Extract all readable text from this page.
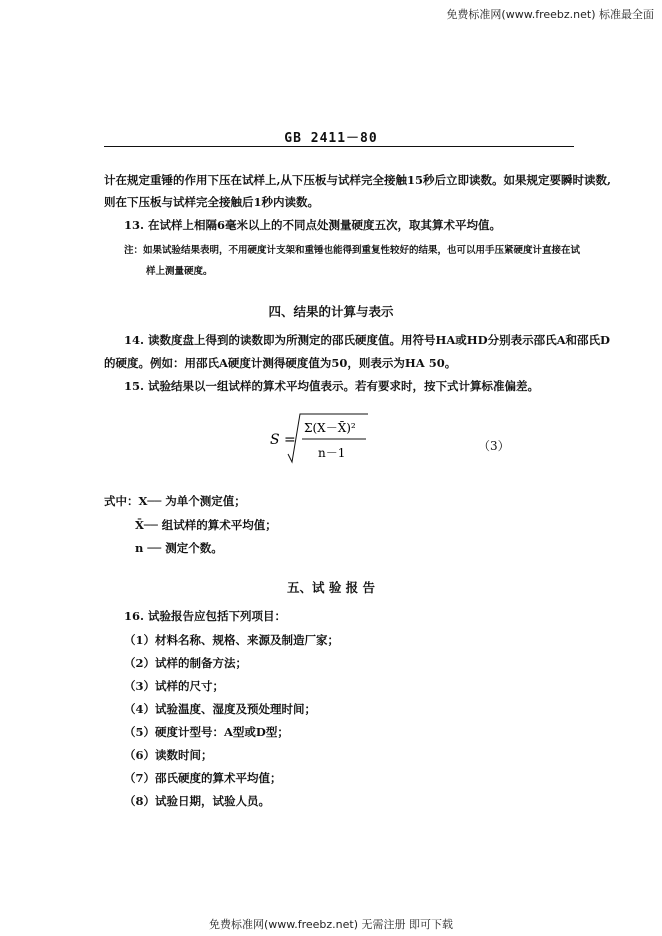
免费标准网(www.freebz.net) 标准最全面
GB 2411－80
计在规定重锤的作用下压在试样上,从下压板与试样完全接触15秒后立即读数。如果规定要瞬时读数,
则在下压板与试样完全接触后1秒内读数。
13. 在试样上相隔6毫米以上的不同点处测量硬度五次，取其算术平均值。
注：如果试验结果表明，不用硬度计支架和重锤也能得到重复性较好的结果，也可以用手压紧硬度计直接在试
样上测量硬度。
四、结果的计算与表示
14. 读数度盘上得到的读数即为所测定的邵氏硬度值。用符号HA或HD分别表示邵氏A和邵氏D
的硬度。例如：用邵氏A硬度计测得硬度值为50，则表示为HA 50。
15. 试验结果以一组试样的算术平均值表示。若有要求时，按下式计算标准偏差。
S =
Σ(X－X̄)²
n－1	（3）
式中：X── 为单个测定值；
X̄── 组试样的算术平均值；
n ── 测定个数。
五、试 验 报 告
16. 试验报告应包括下列项目：
（1）材料名称、规格、来源及制造厂家；
（2）试样的制备方法；
（3）试样的尺寸；
（4）试验温度、湿度及预处理时间；
（5）硬度计型号：A型或D型；
（6）读数时间；
（7）邵氏硬度的算术平均值；
（8）试验日期，试验人员。
免费标准网(www.freebz.net) 无需注册 即可下载
